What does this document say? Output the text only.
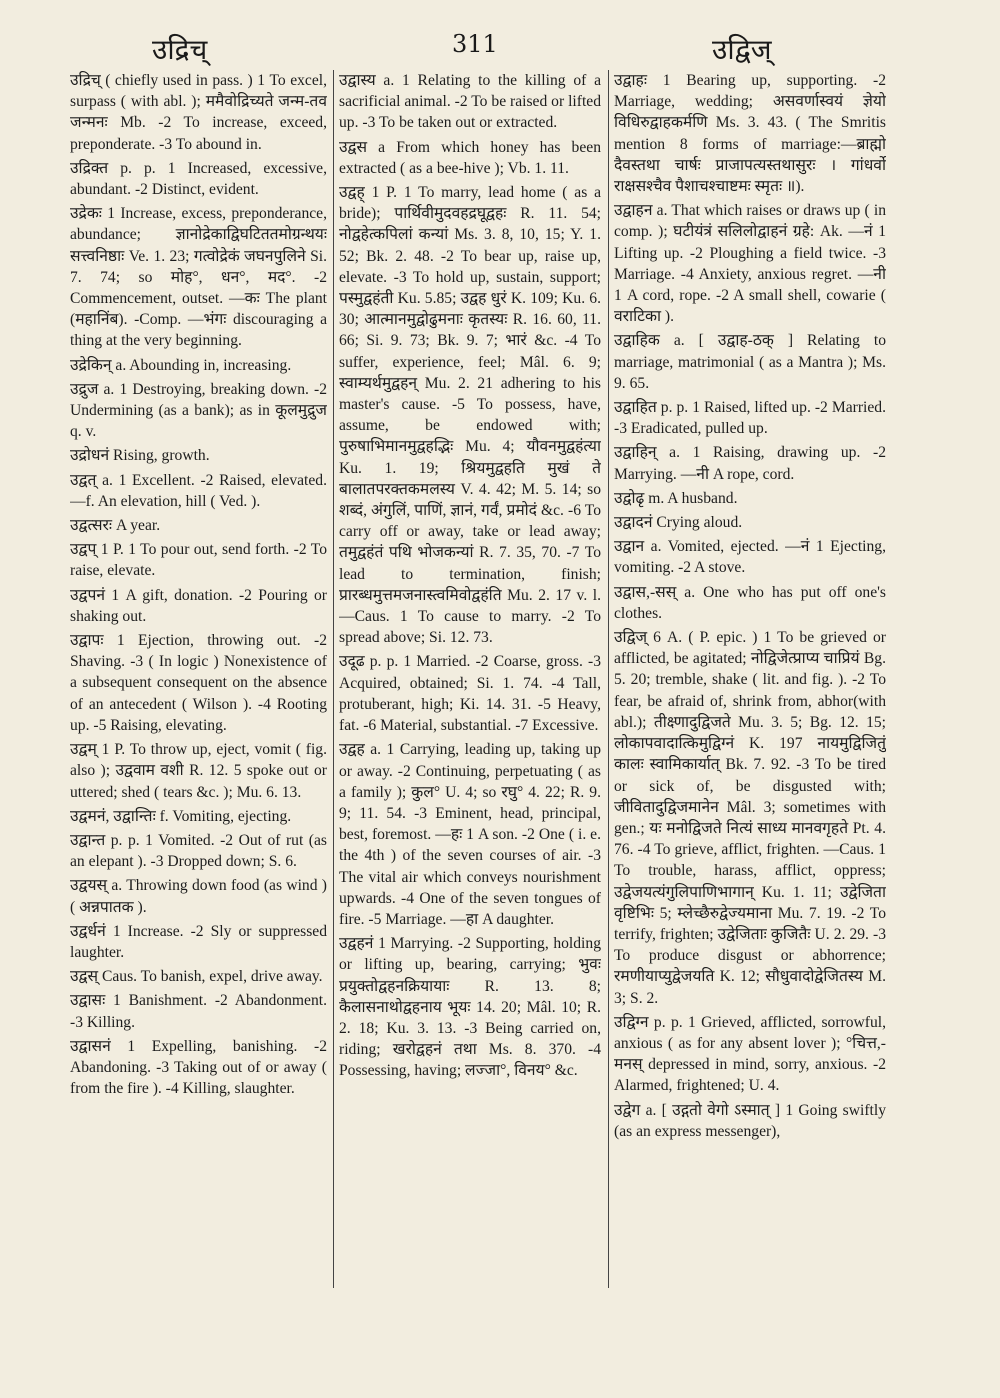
उद्रिच्	311	उद्विज्

उद्रिच् ( chiefly used in pass. ) 1 To excel, surpass ( with abl. ); ममैवोद्रिच्यते जन्म-तव जन्मनः Mb. -2 To increase, exceed, preponderate. -3 To abound in.

उद्रिक्त p. p. 1 Increased, excessive, abundant. -2 Distinct, evident.

उद्रेकः 1 Increase, excess, preponderance, abundance; ज्ञानोद्रेकाद्विघटिततमोग्रन्थयः सत्त्वनिष्ठाः Ve. 1. 23; गत्वोद्रेकं जघनपुलिने Si. 7. 74; so मोह°, धन°, मद°. -2 Commencement, outset. —कः The plant (महानिंब). -Comp. —भंगः discouraging a thing at the very beginning.

उद्रेकिन् a. Abounding in, increasing.

उद्रुज a. 1 Destroying, breaking down. -2 Undermining (as a bank); as in कूलमुद्रुज q. v.

उद्रोधनं Rising, growth.

उद्वत् a. 1 Excellent. -2 Raised, elevated. —f. An elevation, hill ( Ved. ).

उद्वत्सरः A year.

उद्वप् 1 P. 1 To pour out, send forth. -2 To raise, elevate.

उद्वपनं 1 A gift, donation. -2 Pouring or shaking out.

उद्वापः 1 Ejection, throwing out. -2 Shaving. -3 ( In logic ) Nonexistence of a subsequent consequent on the absence of an antecedent ( Wilson ). -4 Rooting up. -5 Raising, elevating.

उद्वम् 1 P. To throw up, eject, vomit ( fig. also ); उद्ववाम वशी R. 12. 5 spoke out or uttered; shed ( tears &c. ); Mu. 6. 13.

उद्वमनं, उद्वान्तिः f. Vomiting, ejecting.

उद्वान्त p. p. 1 Vomited. -2 Out of rut (as an elepant ). -3 Dropped down; S. 6.

उद्वयस् a. Throwing down food (as wind ) ( अन्नपातक ).

उद्वर्धनं 1 Increase. -2 Sly or suppressed laughter.

उद्वस् Caus. To banish, expel, drive away.

उद्वासः 1 Banishment. -2 Abandonment. -3 Killing.

उद्वासनं 1 Expelling, banishing. -2 Abandoning. -3 Taking out of or away ( from the fire ). -4 Killing, slaughter.

उद्वास्य a. 1 Relating to the killing of a sacrificial animal. -2 To be raised or lifted up. -3 To be taken out or extracted.

उद्वस a From which honey has been extracted ( as a bee-hive ); Vb. 1. 11.

उद्वह् 1 P. 1 To marry, lead home ( as a bride); पार्थिवीमुदवहद्रघूद्वहः R. 11. 54; नोद्वहेत्कपिलां कन्यां Ms. 3. 8, 10, 15; Y. 1. 52; Bk. 2. 48. -2 To bear up, raise up, elevate. -3 To hold up, sustain, support; पस्मुद्वहंती Ku. 5.85; उद्वह धुरं K. 109; Ku. 6. 30; आत्मानमुद्वोढुमनाः कृतस्यः R. 16. 60, 11. 66; Si. 9. 73; Bk. 9. 7; भारं &c. -4 To suffer, experience, feel; Mâl. 6. 9; स्वाम्यर्थमुद्वहन् Mu. 2. 21 adhering to his master's cause. -5 To possess, have, assume, be endowed with; पुरुषाभिमानमुद्वहद्भिः Mu. 4; यौवनमुद्वहंत्या Ku. 1. 19; श्रियमुद्वहति मुखं ते बालातपरक्तकमलस्य V. 4. 42; M. 5. 14; so शब्दं, अंगुलिं, पाणिं, ज्ञानं, गर्वं, प्रमोदं &c. -6 To carry off or away, take or lead away; तमुद्वहंतं पथि भोजकन्यां R. 7. 35, 70. -7 To lead to termination, finish; प्रारब्धमुत्तमजनास्त्वमिवोद्वहंति Mu. 2. 17 v. l. —Caus. 1 To cause to marry. -2 To spread above; Si. 12. 73.

उदूढ p. p. 1 Married. -2 Coarse, gross. -3 Acquired, obtained; Si. 1. 74. -4 Tall, protuberant, high; Ki. 14. 31. -5 Heavy, fat. -6 Material, substantial. -7 Excessive.

उद्वह a. 1 Carrying, leading up, taking up or away. -2 Continuing, perpetuating ( as a family ); कुल° U. 4; so रघु° 4. 22; R. 9. 9; 11. 54. -3 Eminent, head, principal, best, foremost. —हः 1 A son. -2 One ( i. e. the 4th ) of the seven courses of air. -3 The vital air which conveys nourishment upwards. -4 One of the seven tongues of fire. -5 Marriage. —हा A daughter.

उद्वहनं 1 Marrying. -2 Supporting, holding or lifting up, bearing, carrying; भुवः प्रयुक्तोद्वहनक्रियायाः R. 13. 8; कैलासनाथोद्वहनाय भूयः 14. 20; Mâl. 10; R. 2. 18; Ku. 3. 13. -3 Being carried on, riding; खरोद्वहनं तथा Ms. 8. 370. -4 Possessing, having; लज्जा°, विनय° &c.

उद्वाहः 1 Bearing up, supporting. -2 Marriage, wedding; असवर्णास्वयं ज्ञेयो विधिरुद्वाहकर्मणि Ms. 3. 43. ( The Smritis mention 8 forms of marriage:—ब्राह्मो दैवस्तथा चार्षः प्राजापत्यस्तथासुरः । गांधर्वो राक्षसश्चैव पैशाचश्चाष्टमः स्मृतः ॥).

उद्वाहन a. That which raises or draws up ( in comp. ); घटीयंत्रं सलिलोद्वाहनं ग्रहे: Ak. —नं 1 Lifting up. -2 Ploughing a field twice. -3 Marriage. -4 Anxiety, anxious regret. —नी 1 A cord, rope. -2 A small shell, cowarie ( वराटिका ).

उद्वाहिक a. [ उद्वाह-ठक् ] Relating to marriage, matrimonial ( as a Mantra ); Ms. 9. 65.

उद्वाहित p. p. 1 Raised, lifted up. -2 Married. -3 Eradicated, pulled up.

उद्वाहिन् a. 1 Raising, drawing up. -2 Marrying. —नी A rope, cord.

उद्वोढृ m. A husband.

उद्वादनं Crying aloud.

उद्वान a. Vomited, ejected. —नं 1 Ejecting, vomiting. -2 A stove.

उद्वास,-सस् a. One who has put off one's clothes.

उद्विज् 6 A. ( P. epic. ) 1 To be grieved or afflicted, be agitated; नोद्विजेत्प्राप्य चाप्रियं Bg. 5. 20; tremble, shake ( lit. and fig. ). -2 To fear, be afraid of, shrink from, abhor(with abl.); तीक्ष्णादुद्विजते Mu. 3. 5; Bg. 12. 15; लोकापवादात्किमुद्विग्नं K. 197 नायमुद्विजितुं कालः स्वामिकार्यात् Bk. 7. 92. -3 To be tired or sick of, be disgusted with; जीवितादुद्विजमानेन Mâl. 3; sometimes with gen.; यः मनोद्विजते नित्यं साध्य मानवगृहते Pt. 4. 76. -4 To grieve, afflict, frighten. —Caus. 1 To trouble, harass, afflict, oppress; उद्वेजयत्यंगुलिपाणिभागान् Ku. 1. 11; उद्वेजिता वृष्टिभिः 5; म्लेच्छैरुद्वेज्यमाना Mu. 7. 19. -2 To terrify, frighten; उद्वेजिताः कुजितैः U. 2. 29. -3 To produce disgust or abhorrence; रमणीयाप्युद्वेजयति K. 12; सौधुवादोद्वेजितस्य M. 3; S. 2.

उद्विग्न p. p. 1 Grieved, afflicted, sorrowful, anxious ( as for any absent lover ); °चित्त,-मनस् depressed in mind, sorry, anxious. -2 Alarmed, frightened; U. 4.

उद्वेग a. [ उद्गतो वेगो ऽस्मात् ] 1 Going swiftly (as an express messenger),
